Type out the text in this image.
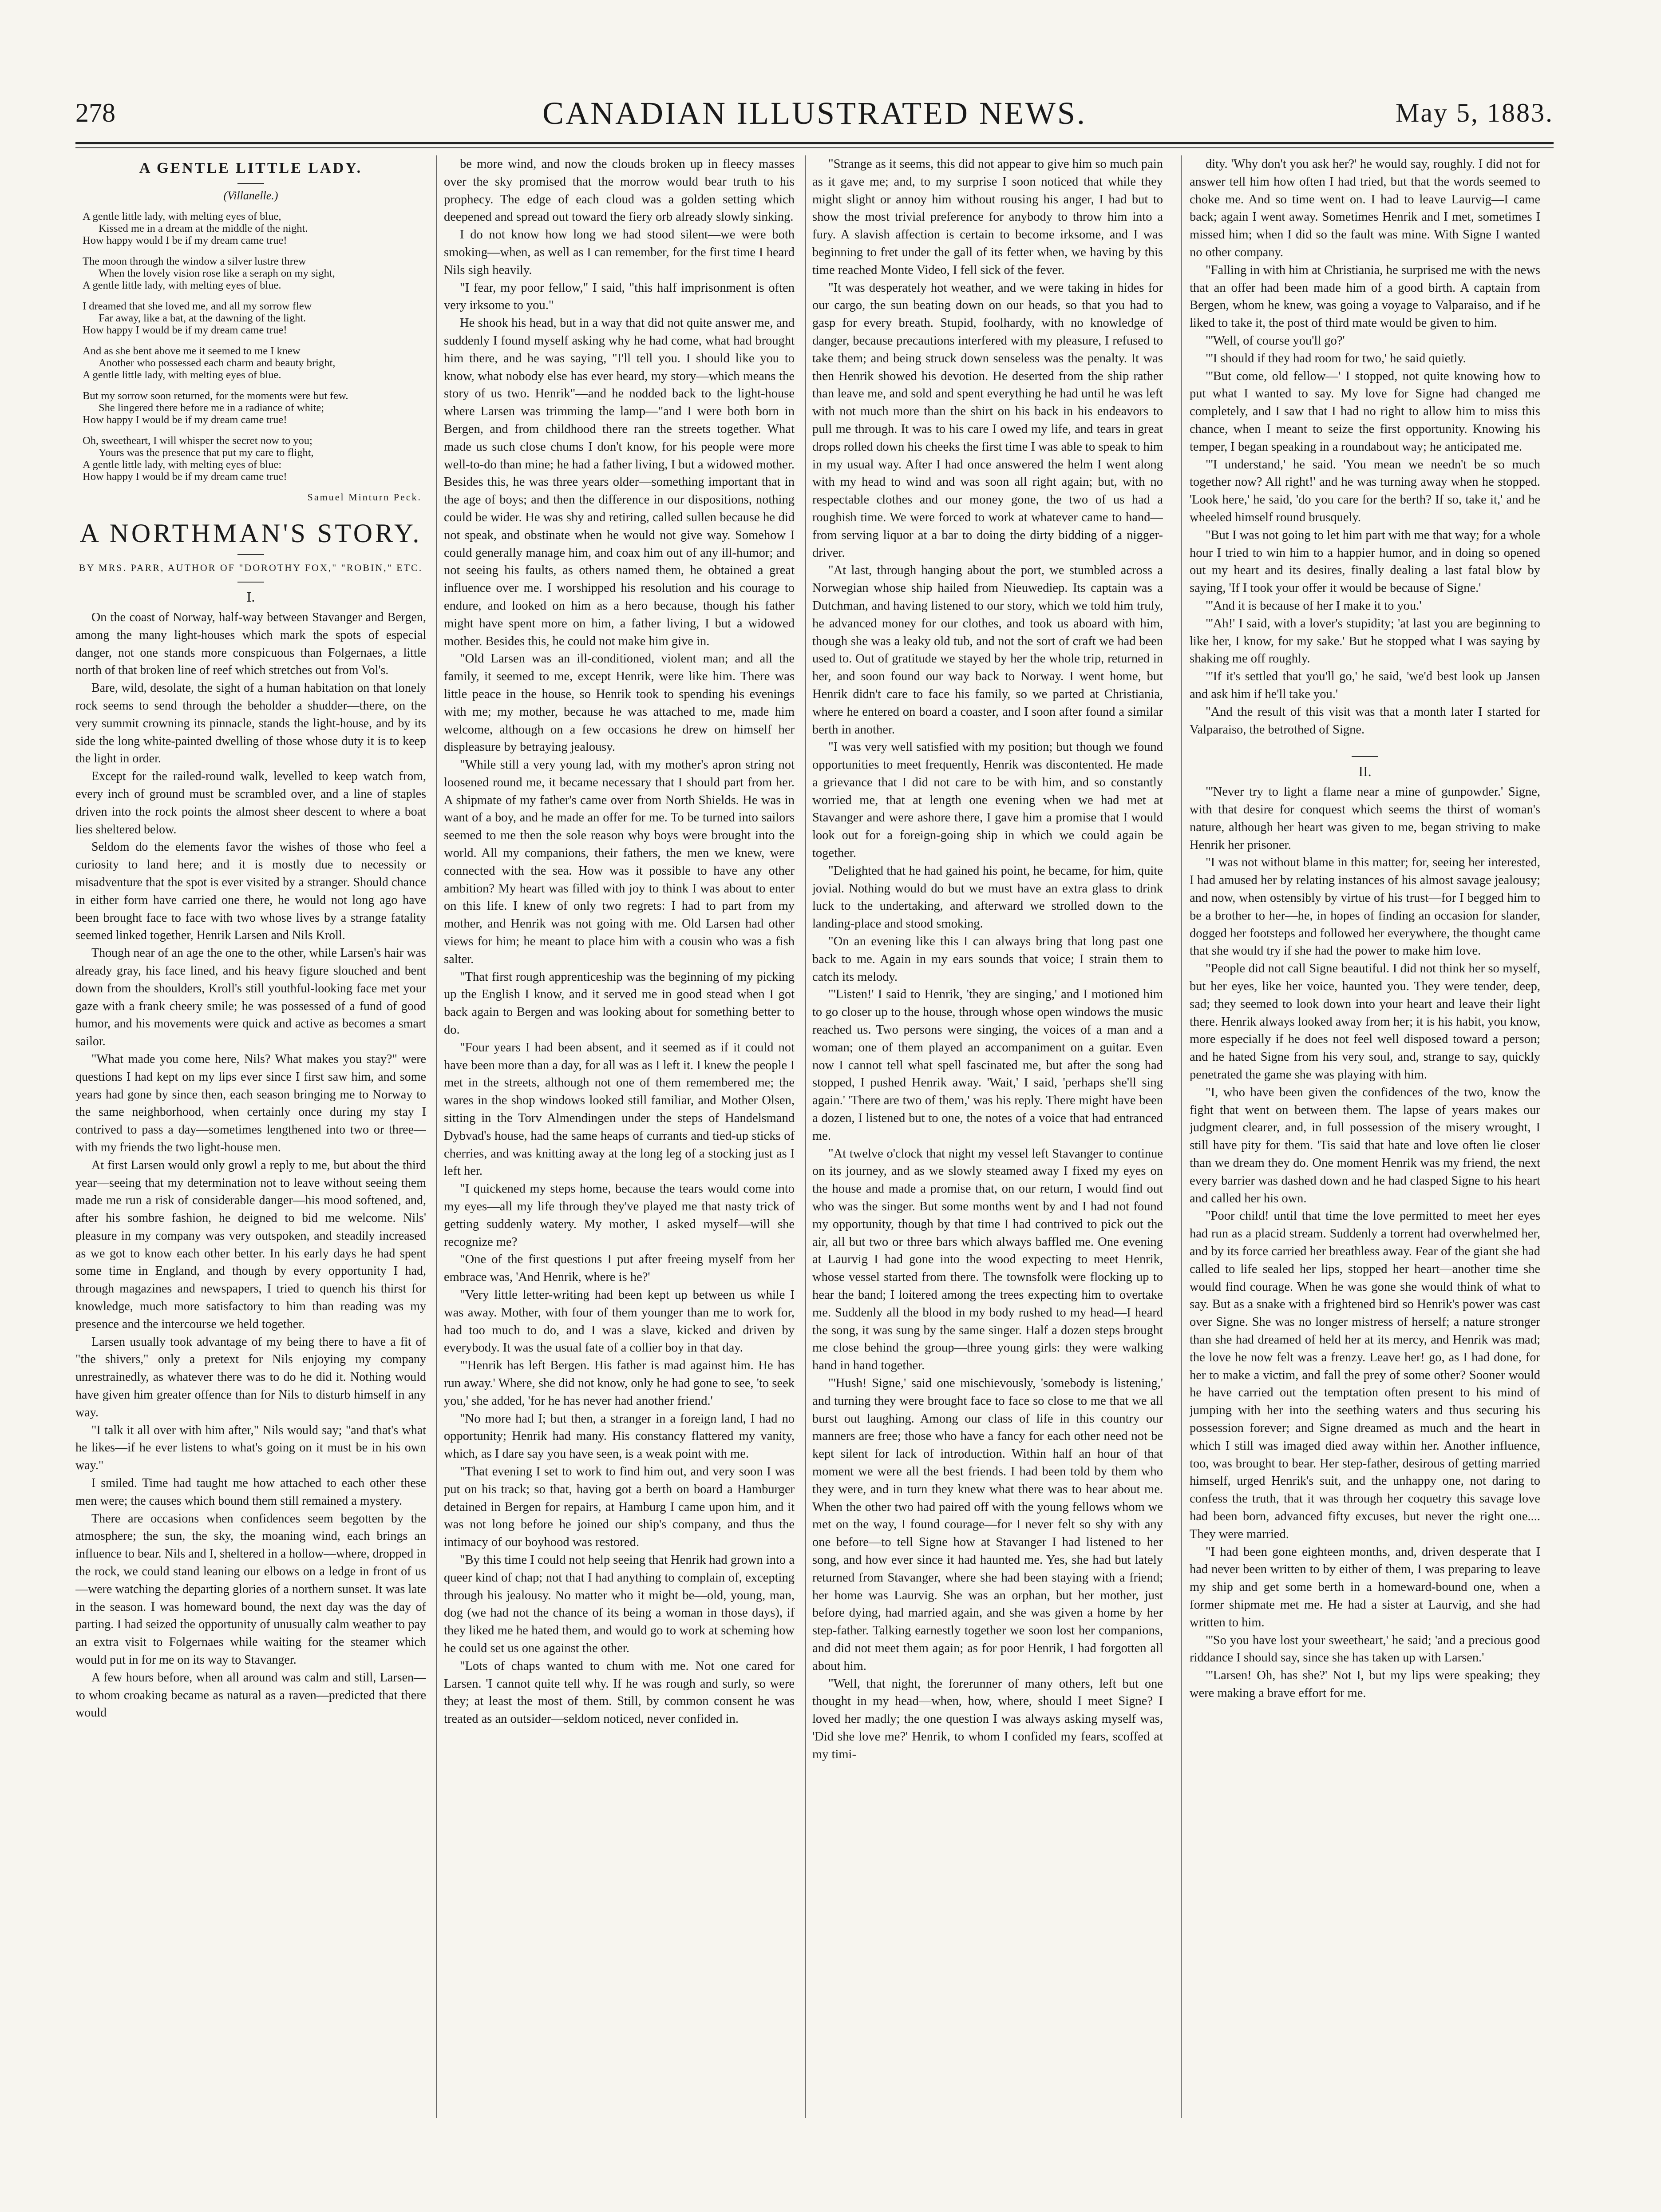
278	CANADIAN ILLUSTRATED NEWS.	May 5, 1883.
A GENTLE LITTLE LADY.
(Villanelle.)

A gentle little lady, with melting eyes of blue,

Kissed me in a dream at the middle of the night.

How happy would I be if my dream came true!

The moon through the window a silver lustre threw

When the lovely vision rose like a seraph on my sight,

A gentle little lady, with melting eyes of blue.

I dreamed that she loved me, and all my sorrow flew

Far away, like a bat, at the dawning of the light.

How happy I would be if my dream came true!

And as she bent above me it seemed to me I knew

Another who possessed each charm and beauty bright,

A gentle little lady, with melting eyes of blue.

But my sorrow soon returned, for the moments were but few.

She lingered there before me in a radiance of white;

How happy I would be if my dream came true!

Oh, sweetheart, I will whisper the secret now to you;

Yours was the presence that put my care to flight,

A gentle little lady, with melting eyes of blue:

How happy I would be if my dream came true!

Samuel Minturn Peck.
A NORTHMAN'S STORY.
BY MRS. PARR, AUTHOR OF "DOROTHY FOX," "ROBIN," ETC.
I.

On the coast of Norway, half-way between Stavanger and Bergen, among the many light-houses which mark the spots of especial danger, not one stands more conspicuous than Folgernaes, a little north of that broken line of reef which stretches out from Vol's.

Bare, wild, desolate, the sight of a human habitation on that lonely rock seems to send through the beholder a shudder—there, on the very summit crowning its pinnacle, stands the light-house, and by its side the long white-painted dwelling of those whose duty it is to keep the light in order.

Except for the railed-round walk, levelled to keep watch from, every inch of ground must be scrambled over, and a line of staples driven into the rock points the almost sheer descent to where a boat lies sheltered below.

Seldom do the elements favor the wishes of those who feel a curiosity to land here; and it is mostly due to necessity or misadventure that the spot is ever visited by a stranger. Should chance in either form have carried one there, he would not long ago have been brought face to face with two whose lives by a strange fatality seemed linked together, Henrik Larsen and Nils Kroll.

Though near of an age the one to the other, while Larsen's hair was already gray, his face lined, and his heavy figure slouched and bent down from the shoulders, Kroll's still youthful-looking face met your gaze with a frank cheery smile; he was possessed of a fund of good humor, and his movements were quick and active as becomes a smart sailor.

"What made you come here, Nils? What makes you stay?" were questions I had kept on my lips ever since I first saw him, and some years had gone by since then, each season bringing me to Norway to the same neighborhood, when certainly once during my stay I contrived to pass a day—sometimes lengthened into two or three—with my friends the two light-house men.

At first Larsen would only growl a reply to me, but about the third year—seeing that my determination not to leave without seeing them made me run a risk of considerable danger—his mood softened, and, after his sombre fashion, he deigned to bid me welcome. Nils' pleasure in my company was very outspoken, and steadily increased as we got to know each other better. In his early days he had spent some time in England, and though by every opportunity I had, through magazines and newspapers, I tried to quench his thirst for knowledge, much more satisfactory to him than reading was my presence and the intercourse we held together.

Larsen usually took advantage of my being there to have a fit of "the shivers," only a pretext for Nils enjoying my company unrestrainedly, as whatever there was to do he did it. Nothing would have given him greater offence than for Nils to disturb himself in any way.

"I talk it all over with him after," Nils would say; "and that's what he likes—if he ever listens to what's going on it must be in his own way."

I smiled. Time had taught me how attached to each other these men were; the causes which bound them still remained a mystery.

There are occasions when confidences seem begotten by the atmosphere; the sun, the sky, the moaning wind, each brings an influence to bear. Nils and I, sheltered in a hollow—where, dropped in the rock, we could stand leaning our elbows on a ledge in front of us—were watching the departing glories of a northern sunset. It was late in the season. I was homeward bound, the next day was the day of parting. I had seized the opportunity of unusually calm weather to pay an extra visit to Folgernaes while waiting for the steamer which would put in for me on its way to Stavanger.

A few hours before, when all around was calm and still, Larsen—to whom croaking became as natural as a raven—predicted that there would

be more wind, and now the clouds broken up in fleecy masses over the sky promised that the morrow would bear truth to his prophecy. The edge of each cloud was a golden setting which deepened and spread out toward the fiery orb already slowly sinking.

I do not know how long we had stood silent—we were both smoking—when, as well as I can remember, for the first time I heard Nils sigh heavily.

"I fear, my poor fellow," I said, "this half imprisonment is often very irksome to you."

He shook his head, but in a way that did not quite answer me, and suddenly I found myself asking why he had come, what had brought him there, and he was saying, "I'll tell you. I should like you to know, what nobody else has ever heard, my story—which means the story of us two. Henrik"—and he nodded back to the light-house where Larsen was trimming the lamp—"and I were both born in Bergen, and from childhood there ran the streets together. What made us such close chums I don't know, for his people were more well-to-do than mine; he had a father living, I but a widowed mother. Besides this, he was three years older—something important that in the age of boys; and then the difference in our dispositions, nothing could be wider. He was shy and retiring, called sullen because he did not speak, and obstinate when he would not give way. Somehow I could generally manage him, and coax him out of any ill-humor; and not seeing his faults, as others named them, he obtained a great influence over me. I worshipped his resolution and his courage to endure, and looked on him as a hero because, though his father might have spent more on him, a father living, I but a widowed mother. Besides this, he could not make him give in.

"Old Larsen was an ill-conditioned, violent man; and all the family, it seemed to me, except Henrik, were like him. There was little peace in the house, so Henrik took to spending his evenings with me; my mother, because he was attached to me, made him welcome, although on a few occasions he drew on himself her displeasure by betraying jealousy.

"While still a very young lad, with my mother's apron string not loosened round me, it became necessary that I should part from her. A shipmate of my father's came over from North Shields. He was in want of a boy, and he made an offer for me. To be turned into sailors seemed to me then the sole reason why boys were brought into the world. All my companions, their fathers, the men we knew, were connected with the sea. How was it possible to have any other ambition? My heart was filled with joy to think I was about to enter on this life. I knew of only two regrets: I had to part from my mother, and Henrik was not going with me. Old Larsen had other views for him; he meant to place him with a cousin who was a fish salter.

"That first rough apprenticeship was the beginning of my picking up the English I know, and it served me in good stead when I got back again to Bergen and was looking about for something better to do.

"Four years I had been absent, and it seemed as if it could not have been more than a day, for all was as I left it. I knew the people I met in the streets, although not one of them remembered me; the wares in the shop windows looked still familiar, and Mother Olsen, sitting in the Torv Almendingen under the steps of Handelsmand Dybvad's house, had the same heaps of currants and tied-up sticks of cherries, and was knitting away at the long leg of a stocking just as I left her.

"I quickened my steps home, because the tears would come into my eyes—all my life through they've played me that nasty trick of getting suddenly watery. My mother, I asked myself—will she recognize me?

"One of the first questions I put after freeing myself from her embrace was, 'And Henrik, where is he?'

"Very little letter-writing had been kept up between us while I was away. Mother, with four of them younger than me to work for, had too much to do, and I was a slave, kicked and driven by everybody. It was the usual fate of a collier boy in that day.

"'Henrik has left Bergen. His father is mad against him. He has run away.' Where, she did not know, only he had gone to see, 'to seek you,' she added, 'for he has never had another friend.'

"No more had I; but then, a stranger in a foreign land, I had no opportunity; Henrik had many. His constancy flattered my vanity, which, as I dare say you have seen, is a weak point with me.

"That evening I set to work to find him out, and very soon I was put on his track; so that, having got a berth on board a Hamburger detained in Bergen for repairs, at Hamburg I came upon him, and it was not long before he joined our ship's company, and thus the intimacy of our boyhood was restored.

"By this time I could not help seeing that Henrik had grown into a queer kind of chap; not that I had anything to complain of, excepting through his jealousy. No matter who it might be—old, young, man, dog (we had not the chance of its being a woman in those days), if they liked me he hated them, and would go to work at scheming how he could set us one against the other.

"Lots of chaps wanted to chum with me. Not one cared for Larsen. 'I cannot quite tell why. If he was rough and surly, so were they; at least the most of them. Still, by common consent he was treated as an outsider—seldom noticed, never confided in.

"Strange as it seems, this did not appear to give him so much pain as it gave me; and, to my surprise I soon noticed that while they might slight or annoy him without rousing his anger, I had but to show the most trivial preference for anybody to throw him into a fury. A slavish affection is certain to become irksome, and I was beginning to fret under the gall of its fetter when, we having by this time reached Monte Video, I fell sick of the fever.

"It was desperately hot weather, and we were taking in hides for our cargo, the sun beating down on our heads, so that you had to gasp for every breath. Stupid, foolhardy, with no knowledge of danger, because precautions interfered with my pleasure, I refused to take them; and being struck down senseless was the penalty. It was then Henrik showed his devotion. He deserted from the ship rather than leave me, and sold and spent everything he had until he was left with not much more than the shirt on his back in his endeavors to pull me through. It was to his care I owed my life, and tears in great drops rolled down his cheeks the first time I was able to speak to him in my usual way. After I had once answered the helm I went along with my head to wind and was soon all right again; but, with no respectable clothes and our money gone, the two of us had a roughish time. We were forced to work at whatever came to hand—from serving liquor at a bar to doing the dirty bidding of a nigger-driver.

"At last, through hanging about the port, we stumbled across a Norwegian whose ship hailed from Nieuwediep. Its captain was a Dutchman, and having listened to our story, which we told him truly, he advanced money for our clothes, and took us aboard with him, though she was a leaky old tub, and not the sort of craft we had been used to. Out of gratitude we stayed by her the whole trip, returned in her, and soon found our way back to Norway. I went home, but Henrik didn't care to face his family, so we parted at Christiania, where he entered on board a coaster, and I soon after found a similar berth in another.

"I was very well satisfied with my position; but though we found opportunities to meet frequently, Henrik was discontented. He made a grievance that I did not care to be with him, and so constantly worried me, that at length one evening when we had met at Stavanger and were ashore there, I gave him a promise that I would look out for a foreign-going ship in which we could again be together.

"Delighted that he had gained his point, he became, for him, quite jovial. Nothing would do but we must have an extra glass to drink luck to the undertaking, and afterward we strolled down to the landing-place and stood smoking.

"On an evening like this I can always bring that long past one back to me. Again in my ears sounds that voice; I strain them to catch its melody.

"'Listen!' I said to Henrik, 'they are singing,' and I motioned him to go closer up to the house, through whose open windows the music reached us. Two persons were singing, the voices of a man and a woman; one of them played an accompaniment on a guitar. Even now I cannot tell what spell fascinated me, but after the song had stopped, I pushed Henrik away. 'Wait,' I said, 'perhaps she'll sing again.' 'There are two of them,' was his reply. There might have been a dozen, I listened but to one, the notes of a voice that had entranced me.

"At twelve o'clock that night my vessel left Stavanger to continue on its journey, and as we slowly steamed away I fixed my eyes on the house and made a promise that, on our return, I would find out who was the singer. But some months went by and I had not found my opportunity, though by that time I had contrived to pick out the air, all but two or three bars which always baffled me. One evening at Laurvig I had gone into the wood expecting to meet Henrik, whose vessel started from there. The townsfolk were flocking up to hear the band; I loitered among the trees expecting him to overtake me. Suddenly all the blood in my body rushed to my head—I heard the song, it was sung by the same singer. Half a dozen steps brought me close behind the group—three young girls: they were walking hand in hand together.

"'Hush! Signe,' said one mischievously, 'somebody is listening,' and turning they were brought face to face so close to me that we all burst out laughing. Among our class of life in this country our manners are free; those who have a fancy for each other need not be kept silent for lack of introduction. Within half an hour of that moment we were all the best friends. I had been told by them who they were, and in turn they knew what there was to hear about me. When the other two had paired off with the young fellows whom we met on the way, I found courage—for I never felt so shy with any one before—to tell Signe how at Stavanger I had listened to her song, and how ever since it had haunted me. Yes, she had but lately returned from Stavanger, where she had been staying with a friend; her home was Laurvig. She was an orphan, but her mother, just before dying, had married again, and she was given a home by her step-father. Talking earnestly together we soon lost her companions, and did not meet them again; as for poor Henrik, I had forgotten all about him.

"Well, that night, the forerunner of many others, left but one thought in my head—when, how, where, should I meet Signe? I loved her madly; the one question I was always asking myself was, 'Did she love me?' Henrik, to whom I confided my fears, scoffed at my timi-

dity. 'Why don't you ask her?' he would say, roughly. I did not for answer tell him how often I had tried, but that the words seemed to choke me. And so time went on. I had to leave Laurvig—I came back; again I went away. Sometimes Henrik and I met, sometimes I missed him; when I did so the fault was mine. With Signe I wanted no other company.

"Falling in with him at Christiania, he surprised me with the news that an offer had been made him of a good birth. A captain from Bergen, whom he knew, was going a voyage to Valparaiso, and if he liked to take it, the post of third mate would be given to him.

"'Well, of course you'll go?'

"'I should if they had room for two,' he said quietly.

"'But come, old fellow—' I stopped, not quite knowing how to put what I wanted to say. My love for Signe had changed me completely, and I saw that I had no right to allow him to miss this chance, when I meant to seize the first opportunity. Knowing his temper, I began speaking in a roundabout way; he anticipated me.

"'I understand,' he said. 'You mean we needn't be so much together now? All right!' and he was turning away when he stopped. 'Look here,' he said, 'do you care for the berth? If so, take it,' and he wheeled himself round brusquely.

"But I was not going to let him part with me that way; for a whole hour I tried to win him to a happier humor, and in doing so opened out my heart and its desires, finally dealing a last fatal blow by saying, 'If I took your offer it would be because of Signe.'

"'And it is because of her I make it to you.'

"'Ah!' I said, with a lover's stupidity; 'at last you are beginning to like her, I know, for my sake.' But he stopped what I was saying by shaking me off roughly.

"'If it's settled that you'll go,' he said, 'we'd best look up Jansen and ask him if he'll take you.'

"And the result of this visit was that a month later I started for Valparaiso, the betrothed of Signe.

II.

"'Never try to light a flame near a mine of gunpowder.' Signe, with that desire for conquest which seems the thirst of woman's nature, although her heart was given to me, began striving to make Henrik her prisoner.

"I was not without blame in this matter; for, seeing her interested, I had amused her by relating instances of his almost savage jealousy; and now, when ostensibly by virtue of his trust—for I begged him to be a brother to her—he, in hopes of finding an occasion for slander, dogged her footsteps and followed her everywhere, the thought came that she would try if she had the power to make him love.

"People did not call Signe beautiful. I did not think her so myself, but her eyes, like her voice, haunted you. They were tender, deep, sad; they seemed to look down into your heart and leave their light there. Henrik always looked away from her; it is his habit, you know, more especially if he does not feel well disposed toward a person; and he hated Signe from his very soul, and, strange to say, quickly penetrated the game she was playing with him.

"I, who have been given the confidences of the two, know the fight that went on between them. The lapse of years makes our judgment clearer, and, in full possession of the misery wrought, I still have pity for them. 'Tis said that hate and love often lie closer than we dream they do. One moment Henrik was my friend, the next every barrier was dashed down and he had clasped Signe to his heart and called her his own.

"Poor child! until that time the love permitted to meet her eyes had run as a placid stream. Suddenly a torrent had overwhelmed her, and by its force carried her breathless away. Fear of the giant she had called to life sealed her lips, stopped her heart—another time she would find courage. When he was gone she would think of what to say. But as a snake with a frightened bird so Henrik's power was cast over Signe. She was no longer mistress of herself; a nature stronger than she had dreamed of held her at its mercy, and Henrik was mad; the love he now felt was a frenzy. Leave her! go, as I had done, for her to make a victim, and fall the prey of some other? Sooner would he have carried out the temptation often present to his mind of jumping with her into the seething waters and thus securing his possession forever; and Signe dreamed as much and the heart in which I still was imaged died away within her. Another influence, too, was brought to bear. Her step-father, desirous of getting married himself, urged Henrik's suit, and the unhappy one, not daring to confess the truth, that it was through her coquetry this savage love had been born, advanced fifty excuses, but never the right one.... They were married.

"I had been gone eighteen months, and, driven desperate that I had never been written to by either of them, I was preparing to leave my ship and get some berth in a homeward-bound one, when a former shipmate met me. He had a sister at Laurvig, and she had written to him.

"'So you have lost your sweetheart,' he said; 'and a precious good riddance I should say, since she has taken up with Larsen.'

"'Larsen! Oh, has she?' Not I, but my lips were speaking; they were making a brave effort for me.
